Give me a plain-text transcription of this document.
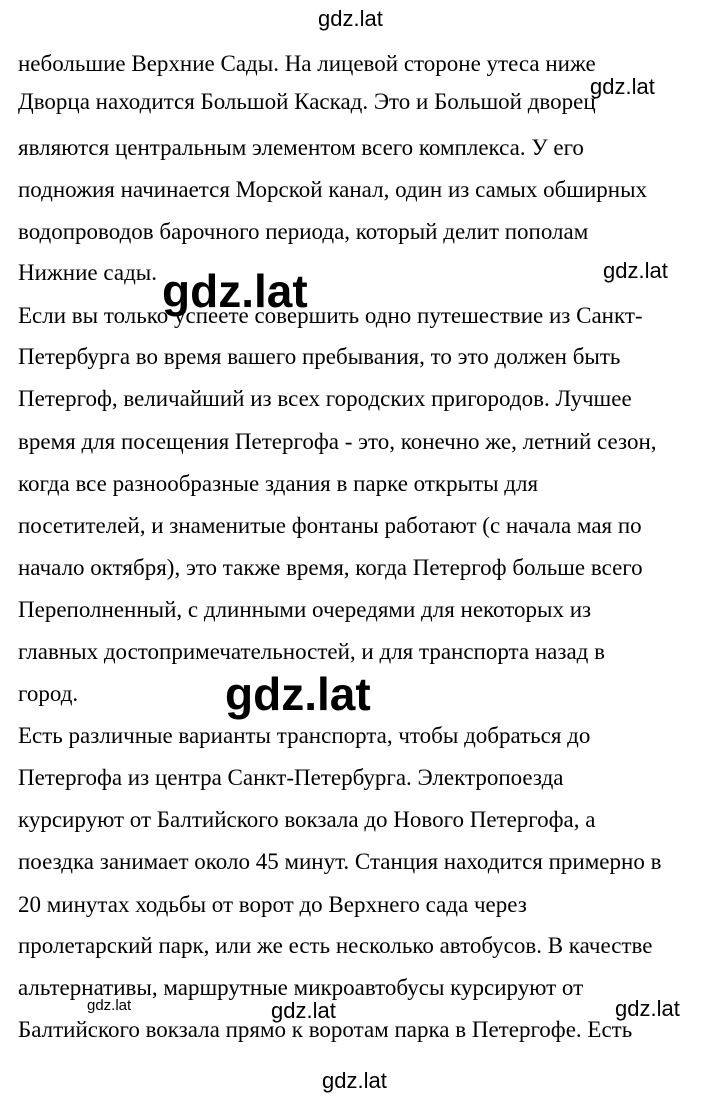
gdz.lat
небольшие Верхние Сады. На лицевой стороне утеса ниже
Дворца находится Большой Каскад. Это и Большой дворец
являются центральным элементом всего комплекса. У его
подножия начинается Морской канал, один из самых обширных
водопроводов барочного периода, который делит пополам
Нижние сады.
Если вы только успеете совершить одно путешествие из Санкт-
Петербурга во время вашего пребывания, то это должен быть
Петергоф, величайший из всех городских пригородов. Лучшее
время для посещения Петергофа - это, конечно же, летний сезон,
когда все разнообразные здания в парке открыты для
посетителей, и знаменитые фонтаны работают (с начала мая по
начало октября), это также время, когда Петергоф больше всего
Переполненный, с длинными очередями для некоторых из
главных достопримечательностей, и для транспорта назад в
город.
Есть различные варианты транспорта, чтобы добраться до
Петергофа из центра Санкт-Петербурга. Электропоезда
курсируют от Балтийского вокзала до Нового Петергофа, а
поездка занимает около 45 минут. Станция находится примерно в
20 минутах ходьбы от ворот до Верхнего сада через
пролетарский парк, или же есть несколько автобусов. В качестве
альтернативы, маршрутные микроавтобусы курсируют от
Балтийского вокзала прямо к воротам парка в Петергофе. Есть
gdz.lat
gdz.lat	gdz.lat
gdz.lat
gdz.lat	gdz.lat	gdz.lat
gdz.lat
